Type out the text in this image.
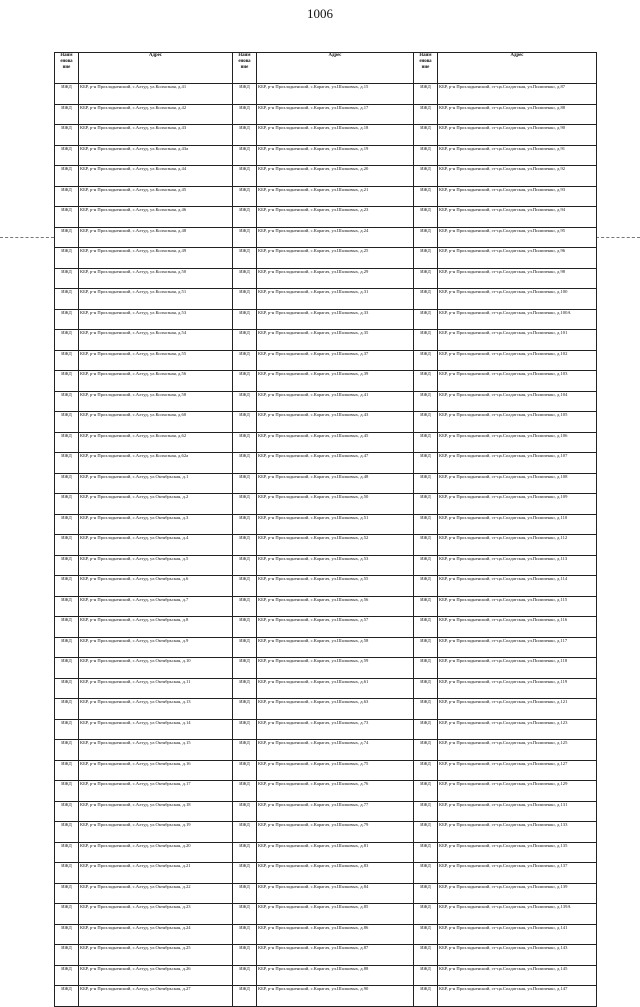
1006
Наим енова ние	Адрес	Наим енова ние	Адрес	Наим енова ние	Адрес
ИЖД	КБР, р-н Прохладненский, с.Алтуд, ул.Колхозная, д.41	ИЖД	КБР, р-н Прохладненский, с.Карагач, ул.Шалковых, д.15	ИЖД	КБР, р-н Прохладненский, ст-ца.Солдатская, ул.Пилипенко, д.87
ИЖД	КБР, р-н Прохладненский, с.Алтуд, ул.Колхозная, д.42	ИЖД	КБР, р-н Прохладненский, с.Карагач, ул.Шалковых, д.17	ИЖД	КБР, р-н Прохладненский, ст-ца.Солдатская, ул.Пилипенко, д.88
ИЖД	КБР, р-н Прохладненский, с.Алтуд, ул.Колхозная, д.43	ИЖД	КБР, р-н Прохладненский, с.Карагач, ул.Шалковых, д.18	ИЖД	КБР, р-н Прохладненский, ст-ца.Солдатская, ул.Пилипенко, д.90
ИЖД	КБР, р-н Прохладненский, с.Алтуд, ул.Колхозная, д.43а	ИЖД	КБР, р-н Прохладненский, с.Карагач, ул.Шалковых, д.19	ИЖД	КБР, р-н Прохладненский, ст-ца.Солдатская, ул.Пилипенко, д.91
ИЖД	КБР, р-н Прохладненский, с.Алтуд, ул.Колхозная, д.44	ИЖД	КБР, р-н Прохладненский, с.Карагач, ул.Шалковых, д.20	ИЖД	КБР, р-н Прохладненский, ст-ца.Солдатская, ул.Пилипенко, д.92
ИЖД	КБР, р-н Прохладненский, с.Алтуд, ул.Колхозная, д.45	ИЖД	КБР, р-н Прохладненский, с.Карагач, ул.Шалковых, д.21	ИЖД	КБР, р-н Прохладненский, ст-ца.Солдатская, ул.Пилипенко, д.93
ИЖД	КБР, р-н Прохладненский, с.Алтуд, ул.Колхозная, д.46	ИЖД	КБР, р-н Прохладненский, с.Карагач, ул.Шалковых, д.23	ИЖД	КБР, р-н Прохладненский, ст-ца.Солдатская, ул.Пилипенко, д.94
ИЖД	КБР, р-н Прохладненский, с.Алтуд, ул.Колхозная, д.48	ИЖД	КБР, р-н Прохладненский, с.Карагач, ул.Шалковых, д.24	ИЖД	КБР, р-н Прохладненский, ст-ца.Солдатская, ул.Пилипенко, д.95
ИЖД	КБР, р-н Прохладненский, с.Алтуд, ул.Колхозная, д.49	ИЖД	КБР, р-н Прохладненский, с.Карагач, ул.Шалковых, д.25	ИЖД	КБР, р-н Прохладненский, ст-ца.Солдатская, ул.Пилипенко, д.96
ИЖД	КБР, р-н Прохладненский, с.Алтуд, ул.Колхозная, д.50	ИЖД	КБР, р-н Прохладненский, с.Карагач, ул.Шалковых, д.29	ИЖД	КБР, р-н Прохладненский, ст-ца.Солдатская, ул.Пилипенко, д.98
ИЖД	КБР, р-н Прохладненский, с.Алтуд, ул.Колхозная, д.51	ИЖД	КБР, р-н Прохладненский, с.Карагач, ул.Шалковых, д.31	ИЖД	КБР, р-н Прохладненский, ст-ца.Солдатская, ул.Пилипенко, д.100
ИЖД	КБР, р-н Прохладненский, с.Алтуд, ул.Колхозная, д.53	ИЖД	КБР, р-н Прохладненский, с.Карагач, ул.Шалковых, д.33	ИЖД	КБР, р-н Прохладненский, ст-ца.Солдатская, ул.Пилипенко, д.100А
ИЖД	КБР, р-н Прохладненский, с.Алтуд, ул.Колхозная, д.54	ИЖД	КБР, р-н Прохладненский, с.Карагач, ул.Шалковых, д.35	ИЖД	КБР, р-н Прохладненский, ст-ца.Солдатская, ул.Пилипенко, д.101
ИЖД	КБР, р-н Прохладненский, с.Алтуд, ул.Колхозная, д.55	ИЖД	КБР, р-н Прохладненский, с.Карагач, ул.Шалковых, д.37	ИЖД	КБР, р-н Прохладненский, ст-ца.Солдатская, ул.Пилипенко, д.102
ИЖД	КБР, р-н Прохладненский, с.Алтуд, ул.Колхозная, д.56	ИЖД	КБР, р-н Прохладненский, с.Карагач, ул.Шалковых, д.39	ИЖД	КБР, р-н Прохладненский, ст-ца.Солдатская, ул.Пилипенко, д.103
ИЖД	КБР, р-н Прохладненский, с.Алтуд, ул.Колхозная, д.58	ИЖД	КБР, р-н Прохладненский, с.Карагач, ул.Шалковых, д.41	ИЖД	КБР, р-н Прохладненский, ст-ца.Солдатская, ул.Пилипенко, д.104
ИЖД	КБР, р-н Прохладненский, с.Алтуд, ул.Колхозная, д.60	ИЖД	КБР, р-н Прохладненский, с.Карагач, ул.Шалковых, д.43	ИЖД	КБР, р-н Прохладненский, ст-ца.Солдатская, ул.Пилипенко, д.105
ИЖД	КБР, р-н Прохладненский, с.Алтуд, ул.Колхозная, д.62	ИЖД	КБР, р-н Прохладненский, с.Карагач, ул.Шалковых, д.45	ИЖД	КБР, р-н Прохладненский, ст-ца.Солдатская, ул.Пилипенко, д.106
ИЖД	КБР, р-н Прохладненский, с.Алтуд, ул.Колхозная, д.62а	ИЖД	КБР, р-н Прохладненский, с.Карагач, ул.Шалковых, д.47	ИЖД	КБР, р-н Прохладненский, ст-ца.Солдатская, ул.Пилипенко, д.107
ИЖД	КБР, р-н Прохладненский, с.Алтуд, ул.Октябрьская, д.1	ИЖД	КБР, р-н Прохладненский, с.Карагач, ул.Шалковых, д.48	ИЖД	КБР, р-н Прохладненский, ст-ца.Солдатская, ул.Пилипенко, д.108
ИЖД	КБР, р-н Прохладненский, с.Алтуд, ул.Октябрьская, д.2	ИЖД	КБР, р-н Прохладненский, с.Карагач, ул.Шалковых, д.50	ИЖД	КБР, р-н Прохладненский, ст-ца.Солдатская, ул.Пилипенко, д.109
ИЖД	КБР, р-н Прохладненский, с.Алтуд, ул.Октябрьская, д.3	ИЖД	КБР, р-н Прохладненский, с.Карагач, ул.Шалковых, д.51	ИЖД	КБР, р-н Прохладненский, ст-ца.Солдатская, ул.Пилипенко, д.110
ИЖД	КБР, р-н Прохладненский, с.Алтуд, ул.Октябрьская, д.4	ИЖД	КБР, р-н Прохладненский, с.Карагач, ул.Шалковых, д.52	ИЖД	КБР, р-н Прохладненский, ст-ца.Солдатская, ул.Пилипенко, д.112
ИЖД	КБР, р-н Прохладненский, с.Алтуд, ул.Октябрьская, д.5	ИЖД	КБР, р-н Прохладненский, с.Карагач, ул.Шалковых, д.53	ИЖД	КБР, р-н Прохладненский, ст-ца.Солдатская, ул.Пилипенко, д.113
ИЖД	КБР, р-н Прохладненский, с.Алтуд, ул.Октябрьская, д.6	ИЖД	КБР, р-н Прохладненский, с.Карагач, ул.Шалковых, д.55	ИЖД	КБР, р-н Прохладненский, ст-ца.Солдатская, ул.Пилипенко, д.114
ИЖД	КБР, р-н Прохладненский, с.Алтуд, ул.Октябрьская, д.7	ИЖД	КБР, р-н Прохладненский, с.Карагач, ул.Шалковых, д.56	ИЖД	КБР, р-н Прохладненский, ст-ца.Солдатская, ул.Пилипенко, д.115
ИЖД	КБР, р-н Прохладненский, с.Алтуд, ул.Октябрьская, д.8	ИЖД	КБР, р-н Прохладненский, с.Карагач, ул.Шалковых, д.57	ИЖД	КБР, р-н Прохладненский, ст-ца.Солдатская, ул.Пилипенко, д.116
ИЖД	КБР, р-н Прохладненский, с.Алтуд, ул.Октябрьская, д.9	ИЖД	КБР, р-н Прохладненский, с.Карагач, ул.Шалковых, д.58	ИЖД	КБР, р-н Прохладненский, ст-ца.Солдатская, ул.Пилипенко, д.117
ИЖД	КБР, р-н Прохладненский, с.Алтуд, ул.Октябрьская, д.10	ИЖД	КБР, р-н Прохладненский, с.Карагач, ул.Шалковых, д.59	ИЖД	КБР, р-н Прохладненский, ст-ца.Солдатская, ул.Пилипенко, д.118
ИЖД	КБР, р-н Прохладненский, с.Алтуд, ул.Октябрьская, д.11	ИЖД	КБР, р-н Прохладненский, с.Карагач, ул.Шалковых, д.61	ИЖД	КБР, р-н Прохладненский, ст-ца.Солдатская, ул.Пилипенко, д.119
ИЖД	КБР, р-н Прохладненский, с.Алтуд, ул.Октябрьская, д.13	ИЖД	КБР, р-н Прохладненский, с.Карагач, ул.Шалковых, д.63	ИЖД	КБР, р-н Прохладненский, ст-ца.Солдатская, ул.Пилипенко, д.121
ИЖД	КБР, р-н Прохладненский, с.Алтуд, ул.Октябрьская, д.14	ИЖД	КБР, р-н Прохладненский, с.Карагач, ул.Шалковых, д.73	ИЖД	КБР, р-н Прохладненский, ст-ца.Солдатская, ул.Пилипенко, д.123
ИЖД	КБР, р-н Прохладненский, с.Алтуд, ул.Октябрьская, д.15	ИЖД	КБР, р-н Прохладненский, с.Карагач, ул.Шалковых, д.74	ИЖД	КБР, р-н Прохладненский, ст-ца.Солдатская, ул.Пилипенко, д.125
ИЖД	КБР, р-н Прохладненский, с.Алтуд, ул.Октябрьская, д.16	ИЖД	КБР, р-н Прохладненский, с.Карагач, ул.Шалковых, д.75	ИЖД	КБР, р-н Прохладненский, ст-ца.Солдатская, ул.Пилипенко, д.127
ИЖД	КБР, р-н Прохладненский, с.Алтуд, ул.Октябрьская, д.17	ИЖД	КБР, р-н Прохладненский, с.Карагач, ул.Шалковых, д.76	ИЖД	КБР, р-н Прохладненский, ст-ца.Солдатская, ул.Пилипенко, д.129
ИЖД	КБР, р-н Прохладненский, с.Алтуд, ул.Октябрьская, д.18	ИЖД	КБР, р-н Прохладненский, с.Карагач, ул.Шалковых, д.77	ИЖД	КБР, р-н Прохладненский, ст-ца.Солдатская, ул.Пилипенко, д.131
ИЖД	КБР, р-н Прохладненский, с.Алтуд, ул.Октябрьская, д.19	ИЖД	КБР, р-н Прохладненский, с.Карагач, ул.Шалковых, д.79	ИЖД	КБР, р-н Прохладненский, ст-ца.Солдатская, ул.Пилипенко, д.133
ИЖД	КБР, р-н Прохладненский, с.Алтуд, ул.Октябрьская, д.20	ИЖД	КБР, р-н Прохладненский, с.Карагач, ул.Шалковых, д.81	ИЖД	КБР, р-н Прохладненский, ст-ца.Солдатская, ул.Пилипенко, д.135
ИЖД	КБР, р-н Прохладненский, с.Алтуд, ул.Октябрьская, д.21	ИЖД	КБР, р-н Прохладненский, с.Карагач, ул.Шалковых, д.83	ИЖД	КБР, р-н Прохладненский, ст-ца.Солдатская, ул.Пилипенко, д.137
ИЖД	КБР, р-н Прохладненский, с.Алтуд, ул.Октябрьская, д.22	ИЖД	КБР, р-н Прохладненский, с.Карагач, ул.Шалковых, д.84	ИЖД	КБР, р-н Прохладненский, ст-ца.Солдатская, ул.Пилипенко, д.139
ИЖД	КБР, р-н Прохладненский, с.Алтуд, ул.Октябрьская, д.23	ИЖД	КБР, р-н Прохладненский, с.Карагач, ул.Шалковых, д.85	ИЖД	КБР, р-н Прохладненский, ст-ца.Солдатская, ул.Пилипенко, д.139А
ИЖД	КБР, р-н Прохладненский, с.Алтуд, ул.Октябрьская, д.24	ИЖД	КБР, р-н Прохладненский, с.Карагач, ул.Шалковых, д.86	ИЖД	КБР, р-н Прохладненский, ст-ца.Солдатская, ул.Пилипенко, д.141
ИЖД	КБР, р-н Прохладненский, с.Алтуд, ул.Октябрьская, д.25	ИЖД	КБР, р-н Прохладненский, с.Карагач, ул.Шалковых, д.87	ИЖД	КБР, р-н Прохладненский, ст-ца.Солдатская, ул.Пилипенко, д.143
ИЖД	КБР, р-н Прохладненский, с.Алтуд, ул.Октябрьская, д.26	ИЖД	КБР, р-н Прохладненский, с.Карагач, ул.Шалковых, д.88	ИЖД	КБР, р-н Прохладненский, ст-ца.Солдатская, ул.Пилипенко, д.145
ИЖД	КБР, р-н Прохладненский, с.Алтуд, ул.Октябрьская, д.27	ИЖД	КБР, р-н Прохладненский, с.Карагач, ул.Шалковых, д.90	ИЖД	КБР, р-н Прохладненский, ст-ца.Солдатская, ул.Пилипенко, д.147
